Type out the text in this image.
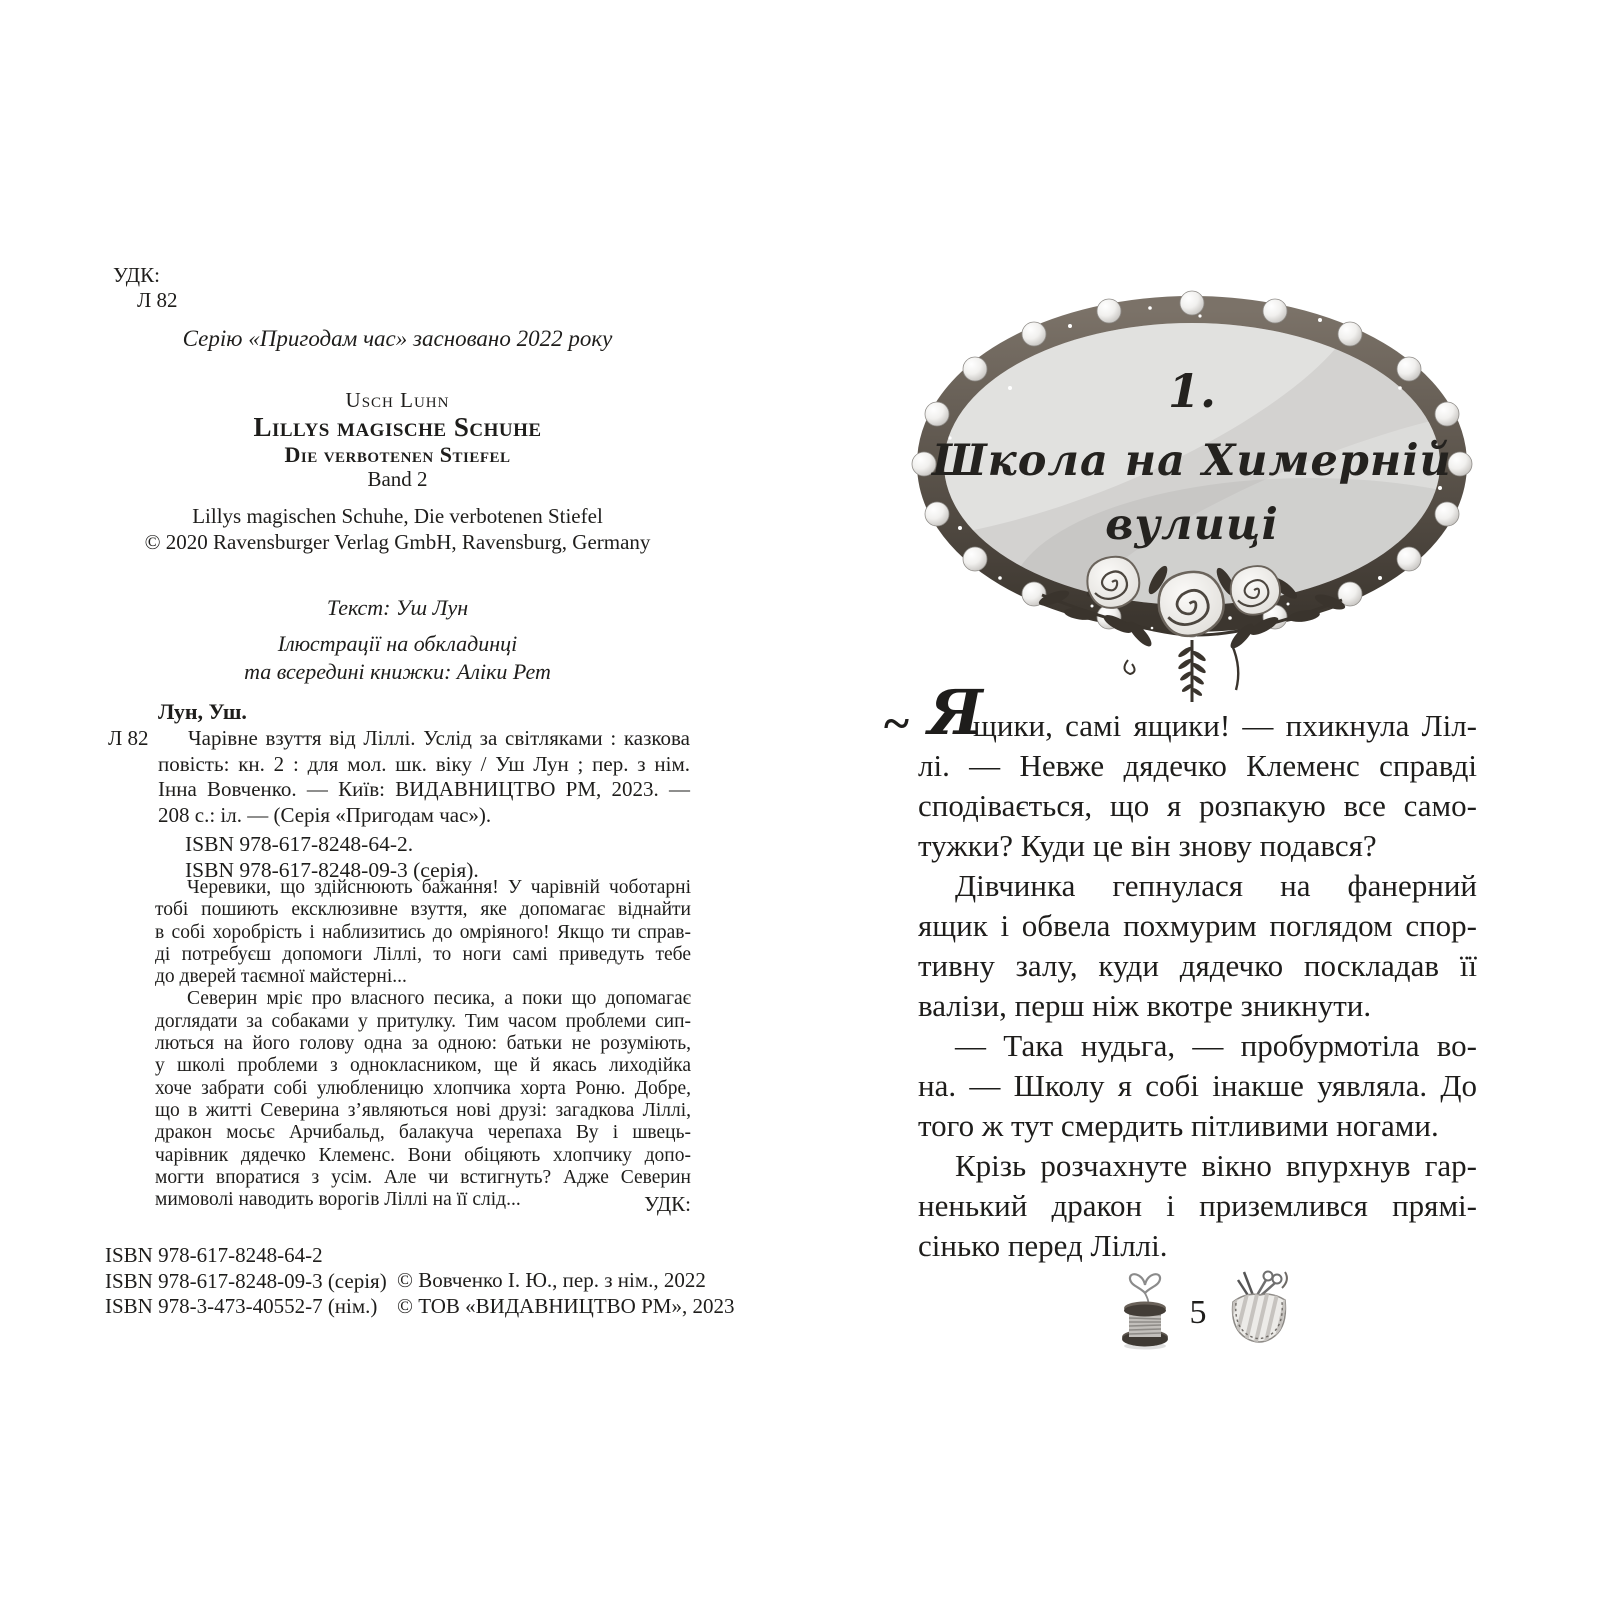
УДК:
Л 82
Серію «Пригодам час» засновано 2022 року
Usch Luhn
Lillys magische Schuhe
Die verbotenen Stiefel
Band 2
Lillys magischen Schuhe, Die verbotenen Stiefel
© 2020 Ravensburger Verlag GmbH, Ravensburg, Germany
Текст: Уш Лун
Ілюстрації на обкладинці
та всередині книжки: Аліки Рет
Лун, Уш.
Л 82	Чарівне взуття від Ліллі. Услід за світляками : казкова
повість: кн. 2 : для мол. шк. віку / Уш Лун ; пер. з нім.
Інна Вовченко. — Київ: ВИДАВНИЦТВО РМ, 2023. —
208 с.: іл. — (Серія «Пригодам час»).
ISBN 978-617-8248-64-2.
ISBN 978-617-8248-09-3 (серія).
Черевики, що здійснюють бажання! У чарівній чоботарні
тобі пошиють ексклюзивне взуття, яке допомагає віднайти
в собі хоробрість і наблизитись до омріяного! Якщо ти справ-
ді потребуєш допомоги Ліллі, то ноги самі приведуть тебе
до дверей таємної майстерні...
Северин мріє про власного песика, а поки що допомагає
доглядати за собаками у притулку. Тим часом проблеми сип-
лються на його голову одна за одною: батьки не розуміють,
у школі проблеми з однокласником, ще й якась лиходійка
хоче забрати собі улюбленицю хлопчика хорта Роню. Добре,
що в житті Северина з’являються нові друзі: загадкова Ліллі,
дракон мосьє Арчибальд, балакуча черепаха Ву і швець-
чарівник дядечко Клеменс. Вони обіцяють хлопчику допо-
могти впоратися з усім. Але чи встигнуть? Адже Северин
мимоволі наводить ворогів Ліллі на її слід...	УДК:
ISBN 978-617-8248-64-2
ISBN 978-617-8248-09-3 (серія)
ISBN 978-3-473-40552-7 (нім.)
© Вовченко І. Ю., пер. з нім., 2022
© ТОВ «ВИДАВНИЦТВО РМ», 2023
1.
Школа на Химерній
вулиці
~ Я
щики, самі ящики! — пхикнула Ліл-
лі. — Невже дядечко Клеменс справді
сподівається, що я розпакую все само-
тужки? Куди це він знову подався?
Дівчинка гепнулася на фанерний
ящик і обвела похмурим поглядом спор-
тивну залу, куди дядечко поскладав її
валізи, перш ніж вкотре зникнути.
— Така нудьга, — пробурмотіла во-
на. — Школу я собі інакше уявляла. До
того ж тут смердить пітливими ногами.
Крізь розчахнуте вікно впурхнув гар-
ненький дракон і приземлився прямі-
сінько перед Ліллі.
5
